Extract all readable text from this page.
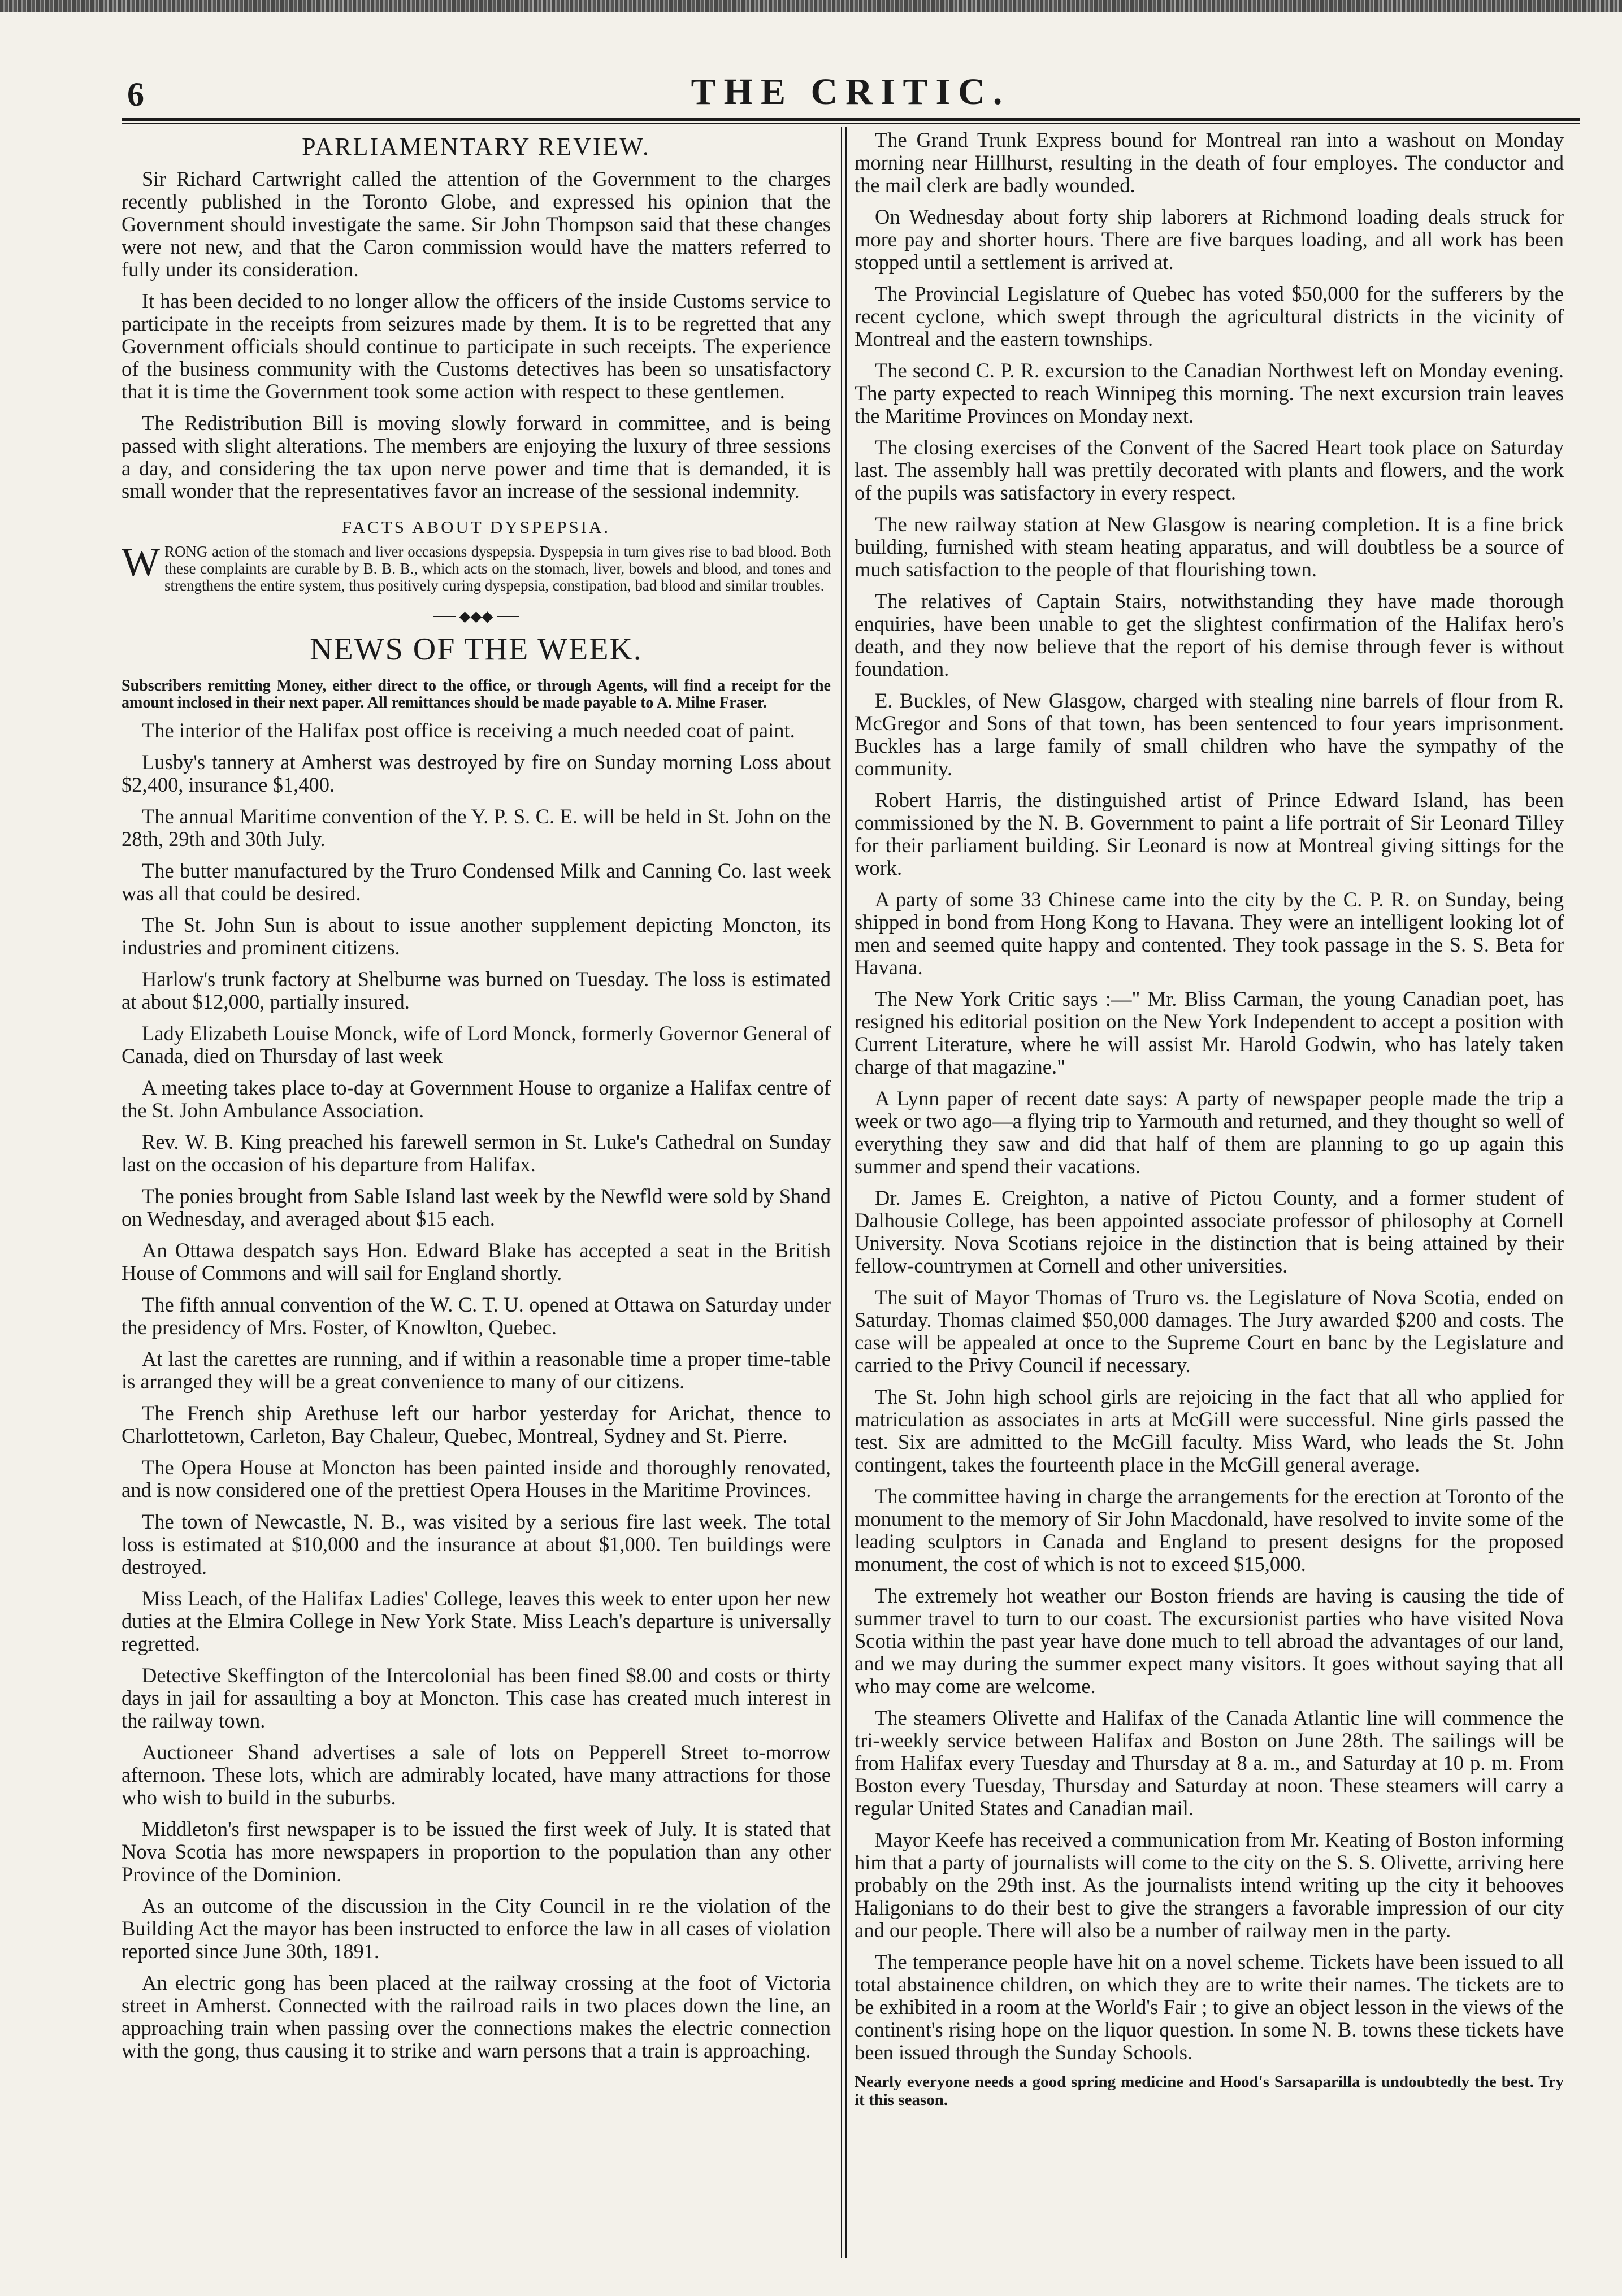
6	THE CRITIC.
PARLIAMENTARY REVIEW.

Sir Richard Cartwright called the attention of the Government to the charges recently published in the Toronto Globe, and expressed his opinion that the Government should investigate the same. Sir John Thompson said that these changes were not new, and that the Caron commission would have the matters referred to fully under its consideration.

It has been decided to no longer allow the officers of the inside Customs service to participate in the receipts from seizures made by them. It is to be regretted that any Government officials should continue to participate in such receipts. The experience of the business community with the Customs detectives has been so unsatisfactory that it is time the Government took some action with respect to these gentlemen.

The Redistribution Bill is moving slowly forward in committee, and is being passed with slight alterations. The members are enjoying the luxury of three sessions a day, and considering the tax upon nerve power and time that is demanded, it is small wonder that the representatives favor an increase of the sessional indemnity.

FACTS ABOUT DYSPEPSIA.

WRONG action of the stomach and liver occasions dyspepsia. Dyspepsia in turn gives rise to bad blood. Both these complaints are curable by B. B. B., which acts on the stomach, liver, bowels and blood, and tones and strengthens the entire system, thus positively curing dyspepsia, constipation, bad blood and similar troubles.

◆◆◆
NEWS OF THE WEEK.

Subscribers remitting Money, either direct to the office, or through Agents, will find a receipt for the amount inclosed in their next paper. All remittances should be made payable to A. Milne Fraser.

The interior of the Halifax post office is receiving a much needed coat of paint.

Lusby's tannery at Amherst was destroyed by fire on Sunday morning Loss about $2,400, insurance $1,400.

The annual Maritime convention of the Y. P. S. C. E. will be held in St. John on the 28th, 29th and 30th July.

The butter manufactured by the Truro Condensed Milk and Canning Co. last week was all that could be desired.

The St. John Sun is about to issue another supplement depicting Moncton, its industries and prominent citizens.

Harlow's trunk factory at Shelburne was burned on Tuesday. The loss is estimated at about $12,000, partially insured.

Lady Elizabeth Louise Monck, wife of Lord Monck, formerly Governor General of Canada, died on Thursday of last week

A meeting takes place to-day at Government House to organize a Halifax centre of the St. John Ambulance Association.

Rev. W. B. King preached his farewell sermon in St. Luke's Cathedral on Sunday last on the occasion of his departure from Halifax.

The ponies brought from Sable Island last week by the Newfld were sold by Shand on Wednesday, and averaged about $15 each.

An Ottawa despatch says Hon. Edward Blake has accepted a seat in the British House of Commons and will sail for England shortly.

The fifth annual convention of the W. C. T. U. opened at Ottawa on Saturday under the presidency of Mrs. Foster, of Knowlton, Quebec.

At last the carettes are running, and if within a reasonable time a proper time-table is arranged they will be a great convenience to many of our citizens.

The French ship Arethuse left our harbor yesterday for Arichat, thence to Charlottetown, Carleton, Bay Chaleur, Quebec, Montreal, Sydney and St. Pierre.

The Opera House at Moncton has been painted inside and thoroughly renovated, and is now considered one of the prettiest Opera Houses in the Maritime Provinces.

The town of Newcastle, N. B., was visited by a serious fire last week. The total loss is estimated at $10,000 and the insurance at about $1,000. Ten buildings were destroyed.

Miss Leach, of the Halifax Ladies' College, leaves this week to enter upon her new duties at the Elmira College in New York State. Miss Leach's departure is universally regretted.

Detective Skeffington of the Intercolonial has been fined $8.00 and costs or thirty days in jail for assaulting a boy at Moncton. This case has created much interest in the railway town.

Auctioneer Shand advertises a sale of lots on Pepperell Street to-morrow afternoon. These lots, which are admirably located, have many attractions for those who wish to build in the suburbs.

Middleton's first newspaper is to be issued the first week of July. It is stated that Nova Scotia has more newspapers in proportion to the population than any other Province of the Dominion.

As an outcome of the discussion in the City Council in re the violation of the Building Act the mayor has been instructed to enforce the law in all cases of violation reported since June 30th, 1891.

An electric gong has been placed at the railway crossing at the foot of Victoria street in Amherst. Connected with the railroad rails in two places down the line, an approaching train when passing over the connections makes the electric connection with the gong, thus causing it to strike and warn persons that a train is approaching.

The Grand Trunk Express bound for Montreal ran into a washout on Monday morning near Hillhurst, resulting in the death of four employes. The conductor and the mail clerk are badly wounded.

On Wednesday about forty ship laborers at Richmond loading deals struck for more pay and shorter hours. There are five barques loading, and all work has been stopped until a settlement is arrived at.

The Provincial Legislature of Quebec has voted $50,000 for the sufferers by the recent cyclone, which swept through the agricultural districts in the vicinity of Montreal and the eastern townships.

The second C. P. R. excursion to the Canadian Northwest left on Monday evening. The party expected to reach Winnipeg this morning. The next excursion train leaves the Maritime Provinces on Monday next.

The closing exercises of the Convent of the Sacred Heart took place on Saturday last. The assembly hall was prettily decorated with plants and flowers, and the work of the pupils was satisfactory in every respect.

The new railway station at New Glasgow is nearing completion. It is a fine brick building, furnished with steam heating apparatus, and will doubtless be a source of much satisfaction to the people of that flourishing town.

The relatives of Captain Stairs, notwithstanding they have made thorough enquiries, have been unable to get the slightest confirmation of the Halifax hero's death, and they now believe that the report of his demise through fever is without foundation.

E. Buckles, of New Glasgow, charged with stealing nine barrels of flour from R. McGregor and Sons of that town, has been sentenced to four years imprisonment. Buckles has a large family of small children who have the sympathy of the community.

Robert Harris, the distinguished artist of Prince Edward Island, has been commissioned by the N. B. Government to paint a life portrait of Sir Leonard Tilley for their parliament building. Sir Leonard is now at Montreal giving sittings for the work.

A party of some 33 Chinese came into the city by the C. P. R. on Sunday, being shipped in bond from Hong Kong to Havana. They were an intelligent looking lot of men and seemed quite happy and contented. They took passage in the S. S. Beta for Havana.

The New York Critic says :—" Mr. Bliss Carman, the young Canadian poet, has resigned his editorial position on the New York Independent to accept a position with Current Literature, where he will assist Mr. Harold Godwin, who has lately taken charge of that magazine."

A Lynn paper of recent date says: A party of newspaper people made the trip a week or two ago—a flying trip to Yarmouth and returned, and they thought so well of everything they saw and did that half of them are planning to go up again this summer and spend their vacations.

Dr. James E. Creighton, a native of Pictou County, and a former student of Dalhousie College, has been appointed associate professor of philosophy at Cornell University. Nova Scotians rejoice in the distinction that is being attained by their fellow-countrymen at Cornell and other universities.

The suit of Mayor Thomas of Truro vs. the Legislature of Nova Scotia, ended on Saturday. Thomas claimed $50,000 damages. The Jury awarded $200 and costs. The case will be appealed at once to the Supreme Court en banc by the Legislature and carried to the Privy Council if necessary.

The St. John high school girls are rejoicing in the fact that all who applied for matriculation as associates in arts at McGill were successful. Nine girls passed the test. Six are admitted to the McGill faculty. Miss Ward, who leads the St. John contingent, takes the fourteenth place in the McGill general average.

The committee having in charge the arrangements for the erection at Toronto of the monument to the memory of Sir John Macdonald, have resolved to invite some of the leading sculptors in Canada and England to present designs for the proposed monument, the cost of which is not to exceed $15,000.

The extremely hot weather our Boston friends are having is causing the tide of summer travel to turn to our coast. The excursionist parties who have visited Nova Scotia within the past year have done much to tell abroad the advantages of our land, and we may during the summer expect many visitors. It goes without saying that all who may come are welcome.

The steamers Olivette and Halifax of the Canada Atlantic line will commence the tri-weekly service between Halifax and Boston on June 28th. The sailings will be from Halifax every Tuesday and Thursday at 8 a. m., and Saturday at 10 p. m. From Boston every Tuesday, Thursday and Saturday at noon. These steamers will carry a regular United States and Canadian mail.

Mayor Keefe has received a communication from Mr. Keating of Boston informing him that a party of journalists will come to the city on the S. S. Olivette, arriving here probably on the 29th inst. As the journalists intend writing up the city it behooves Haligonians to do their best to give the strangers a favorable impression of our city and our people. There will also be a number of railway men in the party.

The temperance people have hit on a novel scheme. Tickets have been issued to all total abstainence children, on which they are to write their names. The tickets are to be exhibited in a room at the World's Fair ; to give an object lesson in the views of the continent's rising hope on the liquor question. In some N. B. towns these tickets have been issued through the Sunday Schools.

Nearly everyone needs a good spring medicine and Hood's Sarsaparilla is undoubtedly the best. Try it this season.
